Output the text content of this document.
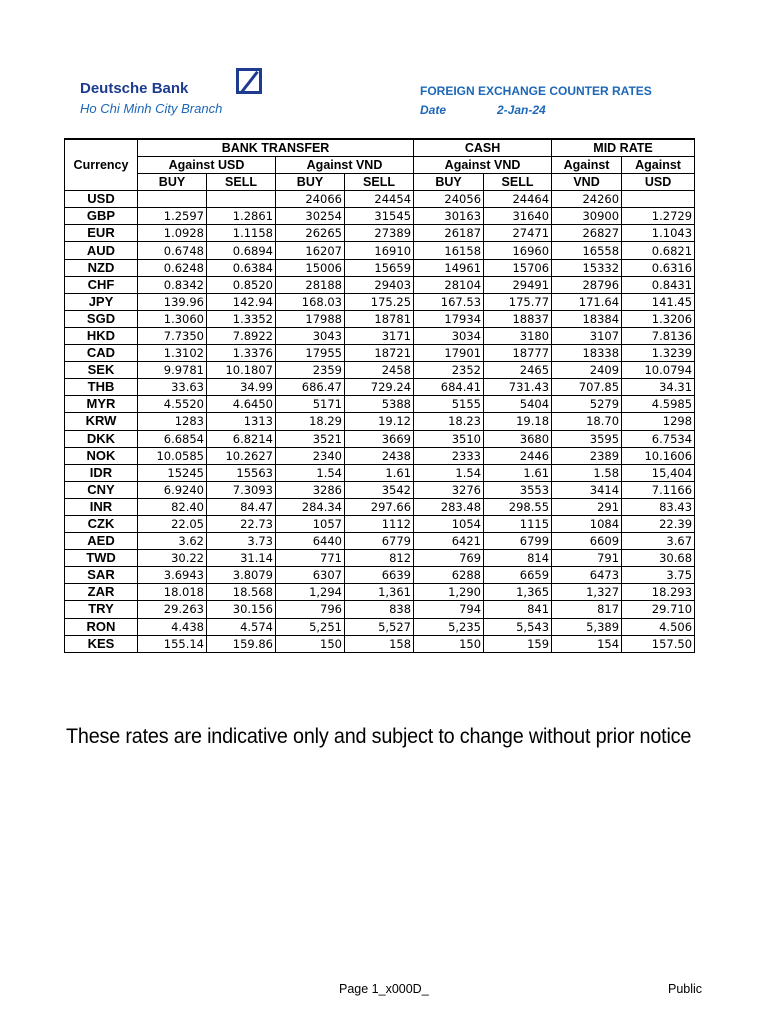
Deutsche Bank
Ho Chi Minh City Branch
FOREIGN EXCHANGE COUNTER RATES
Date	2-Jan-24
Currency	BANK TRANSFER				CASH		MID RATE	
	Against USD		Against VND		Against VND		Against	Against
	BUY	SELL	BUY	SELL	BUY	SELL	VND	USD
USD			24066	24454	24056	24464	24260	
GBP	1.2597	1.2861	30254	31545	30163	31640	30900	1.2729
EUR	1.0928	1.1158	26265	27389	26187	27471	26827	1.1043
AUD	0.6748	0.6894	16207	16910	16158	16960	16558	0.6821
NZD	0.6248	0.6384	15006	15659	14961	15706	15332	0.6316
CHF	0.8342	0.8520	28188	29403	28104	29491	28796	0.8431
JPY	139.96	142.94	168.03	175.25	167.53	175.77	171.64	141.45
SGD	1.3060	1.3352	17988	18781	17934	18837	18384	1.3206
HKD	7.7350	7.8922	3043	3171	3034	3180	3107	7.8136
CAD	1.3102	1.3376	17955	18721	17901	18777	18338	1.3239
SEK	9.9781	10.1807	2359	2458	2352	2465	2409	10.0794
THB	33.63	34.99	686.47	729.24	684.41	731.43	707.85	34.31
MYR	4.5520	4.6450	5171	5388	5155	5404	5279	4.5985
KRW	1283	1313	18.29	19.12	18.23	19.18	18.70	1298
DKK	6.6854	6.8214	3521	3669	3510	3680	3595	6.7534
NOK	10.0585	10.2627	2340	2438	2333	2446	2389	10.1606
IDR	15245	15563	1.54	1.61	1.54	1.61	1.58	15,404
CNY	6.9240	7.3093	3286	3542	3276	3553	3414	7.1166
INR	82.40	84.47	284.34	297.66	283.48	298.55	291	83.43
CZK	22.05	22.73	1057	1112	1054	1115	1084	22.39
AED	3.62	3.73	6440	6779	6421	6799	6609	3.67
TWD	30.22	31.14	771	812	769	814	791	30.68
SAR	3.6943	3.8079	6307	6639	6288	6659	6473	3.75
ZAR	18.018	18.568	1,294	1,361	1,290	1,365	1,327	18.293
TRY	29.263	30.156	796	838	794	841	817	29.710
RON	4.438	4.574	5,251	5,527	5,235	5,543	5,389	4.506
KES	155.14	159.86	150	158	150	159	154	157.50
These rates are indicative only and subject to change without prior notice
Page 1_x000D_	Public
